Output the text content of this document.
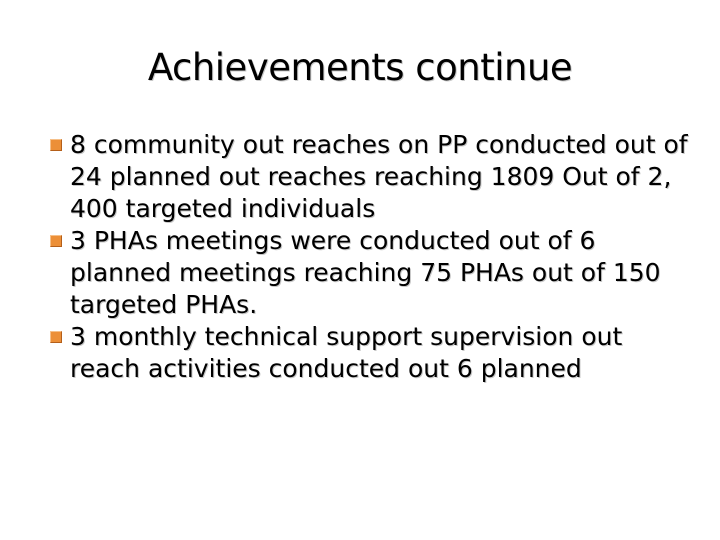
Achievements continue
8 community out reaches on PP conducted out of 24 planned out reaches reaching 1809 Out of 2, 400 targeted individuals
3 PHAs meetings were conducted out of 6 planned meetings reaching 75 PHAs out of 150 targeted PHAs.
3 monthly technical support supervision out reach activities conducted out 6 planned
